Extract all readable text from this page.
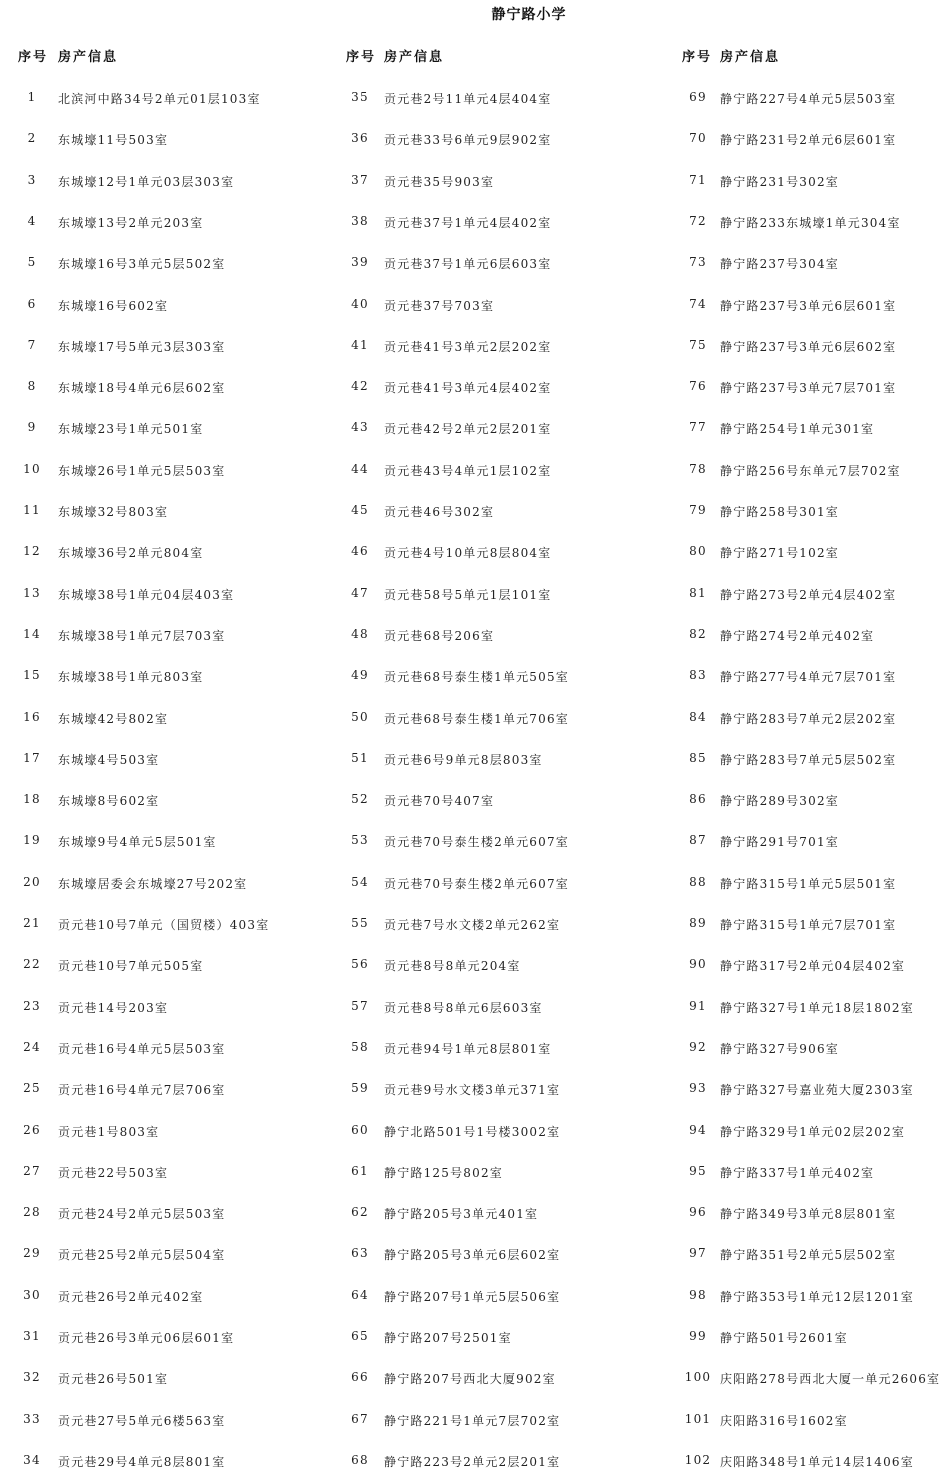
静宁路小学
序号 房产信息
1	北滨河中路34号2单元01层103室
2	东城壕11号503室
3	东城壕12号1单元03层303室
4	东城壕13号2单元203室
5	东城壕16号3单元5层502室
6	东城壕16号602室
7	东城壕17号5单元3层303室
8	东城壕18号4单元6层602室
9	东城壕23号1单元501室
10	东城壕26号1单元5层503室
11	东城壕32号803室
12	东城壕36号2单元804室
13	东城壕38号1单元04层403室
14	东城壕38号1单元7层703室
15	东城壕38号1单元803室
16	东城壕42号802室
17	东城壕4号503室
18	东城壕8号602室
19	东城壕9号4单元5层501室
20	东城壕居委会东城壕27号202室
21	贡元巷10号7单元（国贸楼）403室
22	贡元巷10号7单元505室
23	贡元巷14号203室
24	贡元巷16号4单元5层503室
25	贡元巷16号4单元7层706室
26	贡元巷1号803室
27	贡元巷22号503室
28	贡元巷24号2单元5层503室
29	贡元巷25号2单元5层504室
30	贡元巷26号2单元402室
31	贡元巷26号3单元06层601室
32	贡元巷26号501室
33	贡元巷27号5单元6楼563室
34	贡元巷29号4单元8层801室
序号 房产信息
35	贡元巷2号11单元4层404室
36	贡元巷33号6单元9层902室
37	贡元巷35号903室
38	贡元巷37号1单元4层402室
39	贡元巷37号1单元6层603室
40	贡元巷37号703室
41	贡元巷41号3单元2层202室
42	贡元巷41号3单元4层402室
43	贡元巷42号2单元2层201室
44	贡元巷43号4单元1层102室
45	贡元巷46号302室
46	贡元巷4号10单元8层804室
47	贡元巷58号5单元1层101室
48	贡元巷68号206室
49	贡元巷68号泰生楼1单元505室
50	贡元巷68号泰生楼1单元706室
51	贡元巷6号9单元8层803室
52	贡元巷70号407室
53	贡元巷70号泰生楼2单元607室
54	贡元巷70号泰生楼2单元607室
55	贡元巷7号水文楼2单元262室
56	贡元巷8号8单元204室
57	贡元巷8号8单元6层603室
58	贡元巷94号1单元8层801室
59	贡元巷9号水文楼3单元371室
60	静宁北路501号1号楼3002室
61	静宁路125号802室
62	静宁路205号3单元401室
63	静宁路205号3单元6层602室
64	静宁路207号1单元5层506室
65	静宁路207号2501室
66	静宁路207号西北大厦902室
67	静宁路221号1单元7层702室
68	静宁路223号2单元2层201室
序号 房产信息
69	静宁路227号4单元5层503室
70	静宁路231号2单元6层601室
71	静宁路231号302室
72	静宁路233东城壕1单元304室
73	静宁路237号304室
74	静宁路237号3单元6层601室
75	静宁路237号3单元6层602室
76	静宁路237号3单元7层701室
77	静宁路254号1单元301室
78	静宁路256号东单元7层702室
79	静宁路258号301室
80	静宁路271号102室
81	静宁路273号2单元4层402室
82	静宁路274号2单元402室
83	静宁路277号4单元7层701室
84	静宁路283号7单元2层202室
85	静宁路283号7单元5层502室
86	静宁路289号302室
87	静宁路291号701室
88	静宁路315号1单元5层501室
89	静宁路315号1单元7层701室
90	静宁路317号2单元04层402室
91	静宁路327号1单元18层1802室
92	静宁路327号906室
93	静宁路327号嘉业苑大厦2303室
94	静宁路329号1单元02层202室
95	静宁路337号1单元402室
96	静宁路349号3单元8层801室
97	静宁路351号2单元5层502室
98	静宁路353号1单元12层1201室
99	静宁路501号2601室
100 庆阳路278号西北大厦一单元2606室
101 庆阳路316号1602室
102 庆阳路348号1单元14层1406室
